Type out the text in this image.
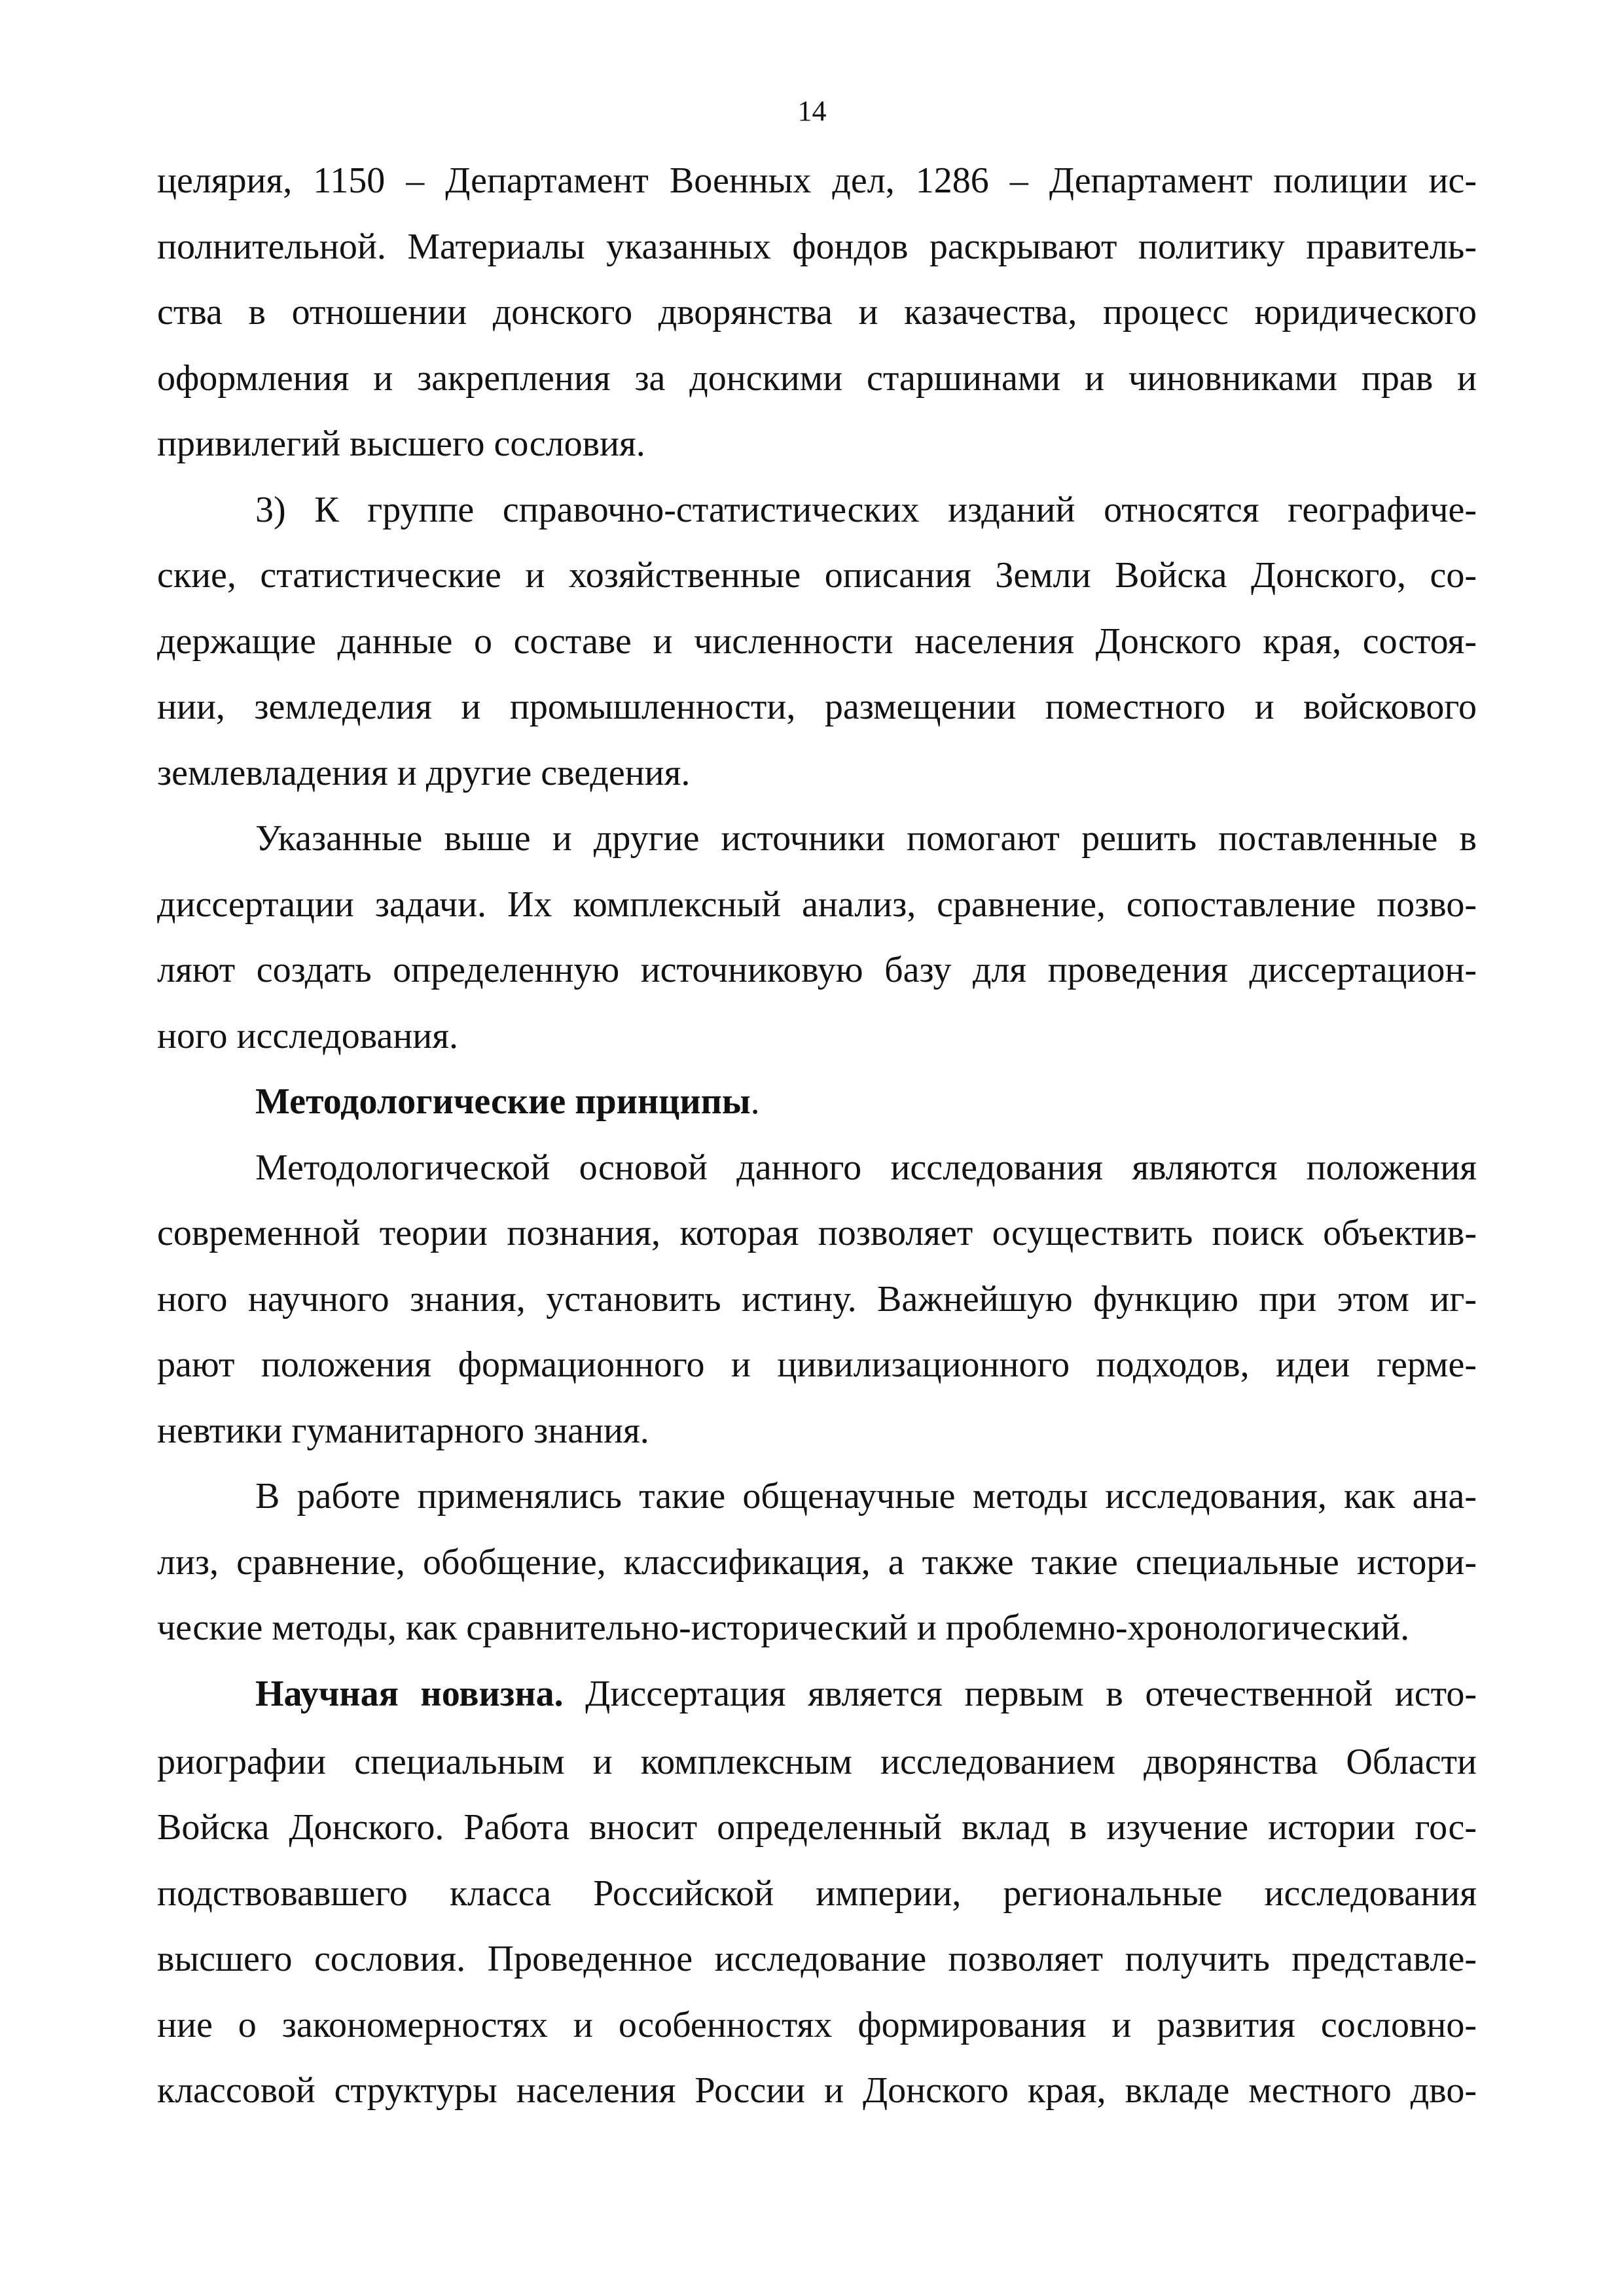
14
целярия, 1150 – Департамент Военных дел, 1286 – Департамент полиции ис-
полнительной. Материалы указанных фондов раскрывают политику правитель-
ства в отношении донского дворянства и казачества, процесс юридического
оформления и закрепления за донскими старшинами и чиновниками прав и
привилегий высшего сословия.
3) К группе справочно-статистических изданий относятся географиче-
ские, статистические и хозяйственные описания Земли Войска Донского, со-
держащие данные о составе и численности населения Донского края, состоя-
нии, земледелия и промышленности, размещении поместного и войскового
землевладения и другие сведения.
Указанные выше и другие источники помогают решить поставленные в
диссертации задачи. Их комплексный анализ, сравнение, сопоставление позво-
ляют создать определенную источниковую базу для проведения диссертацион-
ного исследования.
Методологические принципы.
Методологической основой данного исследования являются положения
современной теории познания, которая позволяет осуществить поиск объектив-
ного научного знания, установить истину. Важнейшую функцию при этом иг-
рают положения формационного и цивилизационного подходов, идеи герме-
невтики гуманитарного знания.
В работе применялись такие общенаучные методы исследования, как ана-
лиз, сравнение, обобщение, классификация, а также такие специальные истори-
ческие методы, как сравнительно-исторический и проблемно-хронологический.
Научная новизна. Диссертация является первым в отечественной исто-
риографии специальным и комплексным исследованием дворянства Области
Войска Донского. Работа вносит определенный вклад в изучение истории гос-
подствовавшего класса Российской империи, региональные исследования
высшего сословия. Проведенное исследование позволяет получить представле-
ние о закономерностях и особенностях формирования и развития сословно-
классовой структуры населения России и Донского края, вкладе местного дво-
